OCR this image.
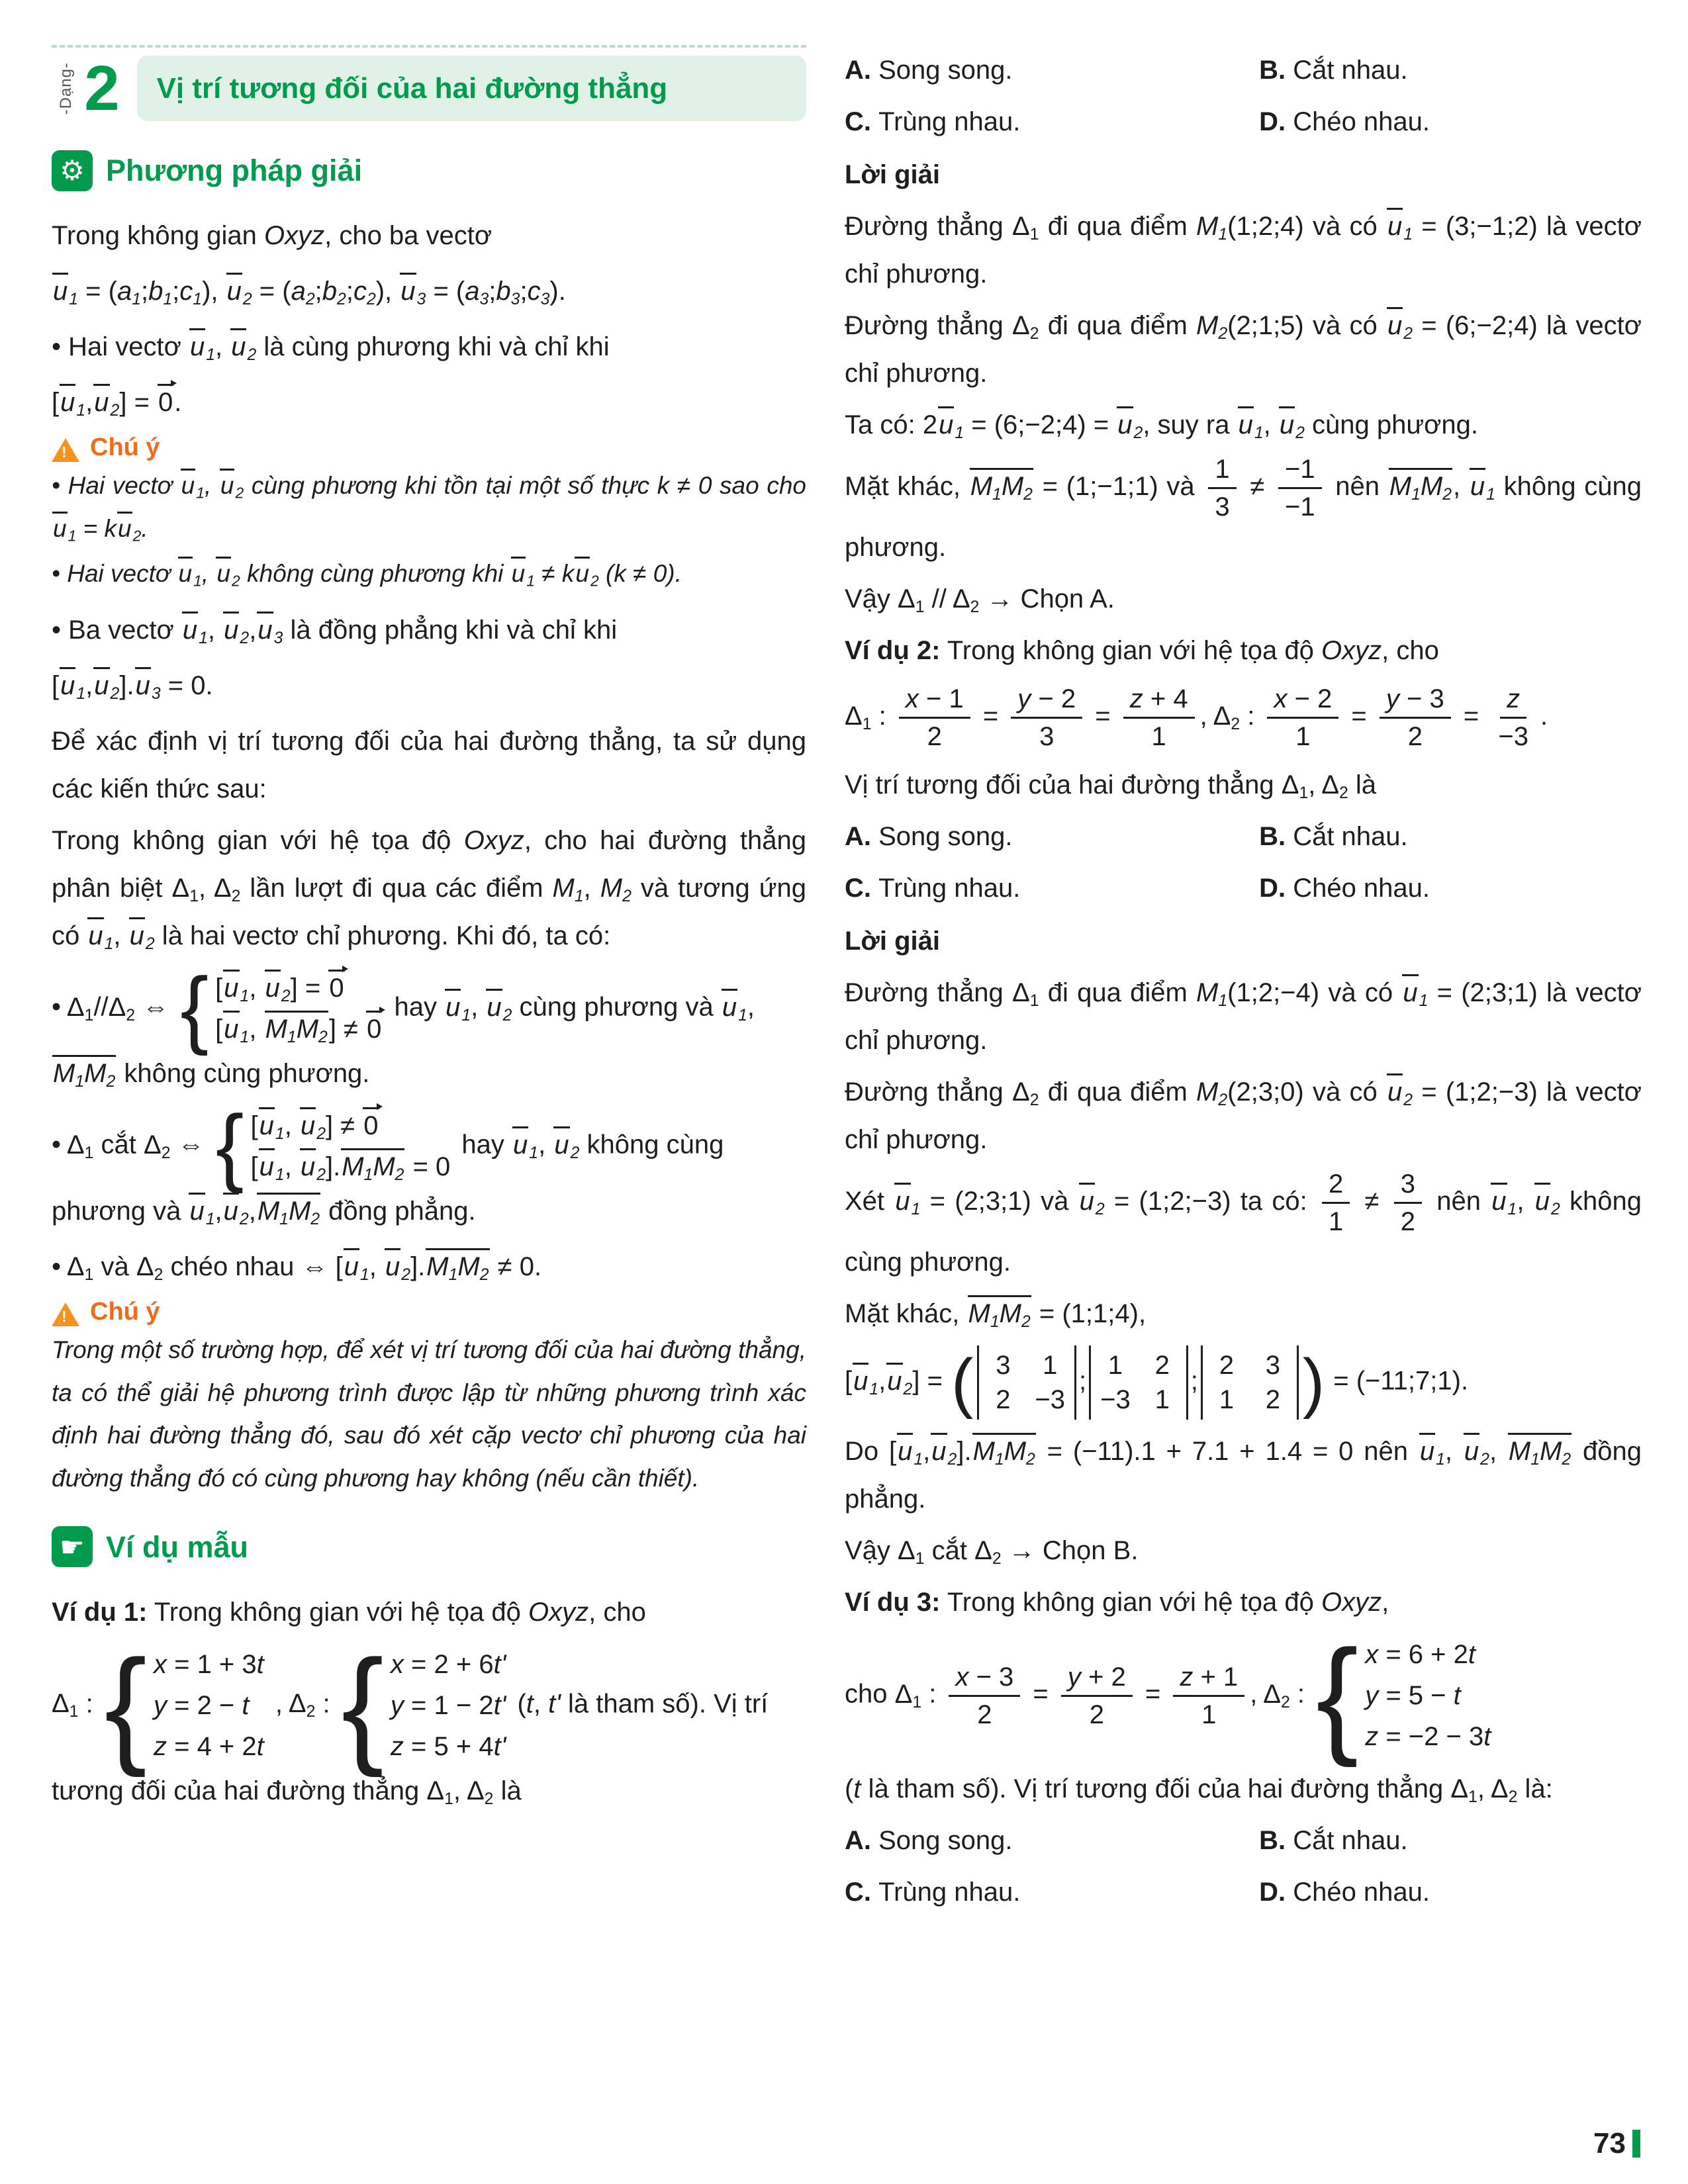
-Dạng- 2	Vị trí tương đối của hai đường thẳng
⚙ Phương pháp giải
Trong không gian Oxyz, cho ba vectơ
$u_1$ = $(a_1;b_1;c_1)$, $u_2$ = $(a_2;b_2;c_2)$, $u_3$ = $(a_3;b_3;c_3)$.
• Hai vectơ $u_1$, $u_2$ là cùng phương khi và chỉ khi
$[u_1,u_2] = 0$.
! Chú ý
• Hai vectơ $u_1$, $u_2$ cùng phương khi tồn tại một số thực k ≠ 0 sao cho $u_1 = ku_2$.
• Hai vectơ $u_1$, $u_2$ không cùng phương khi $u_1 \ne ku_2$ (k ≠ 0).
• Ba vectơ $u_1$, $u_2,u_3$ là đồng phẳng khi và chỉ khi
$[u_1,u_2].u_3 = 0$.
Để xác định vị trí tương đối của hai đường thẳng, ta sử dụng các kiến thức sau:
Trong không gian với hệ tọa độ Oxyz, cho hai đường thẳng phân biệt $\Delta_1$, $\Delta_2$ lần lượt đi qua các điểm $M_1$, $M_2$ và tương ứng có $u_1$, $u_2$ là hai vectơ chỉ phương. Khi đó, ta có:
• $\Delta_1//\Delta_2$ ⇔ { [$u_1$, $u_2] = 0$
[$u_1$, $M_1M_2] \ne 0$
hay $u_1$, $u_2$ cùng phương và $u_1$, $M_1M_2$ không cùng phương.
• $\Delta_1$ cắt $\Delta_2$ ⇔ { [$u_1$, $u_2] \ne 0$
[$u_1$, $u_2].M_1M_2 = 0$
hay $u_1$, $u_2$ không cùng phương và $u_1,u_2,M_1M_2$ đồng phẳng.
• $\Delta_1$ và $\Delta_2$ chéo nhau ⇔ [$u_1$, $u_2].M_1M_2 \ne 0$.
! Chú ý
Trong một số trường hợp, để xét vị trí tương đối của hai đường thẳng, ta có thể giải hệ phương trình được lập từ những phương trình xác định hai đường thẳng đó, sau đó xét cặp vectơ chỉ phương của hai đường thẳng đó có cùng phương hay không (nếu cần thiết).
☛ Ví dụ mẫu
Ví dụ 1: Trong không gian với hệ tọa độ Oxyz, cho
$\Delta_1$ : { x = 1 + 3t
y = 2 − t
z = 4 + 2t
, $\Delta_2$ : { x = 2 + 6t'
y = 1 − 2t'
z = 5 + 4t'
(t, t' là tham số). Vị trí tương đối của hai đường thẳng $\Delta_1$, $\Delta_2$ là
A. Song song.	B. Cắt nhau.
C. Trùng nhau.	D. Chéo nhau.
Lời giải
Đường thẳng $\Delta_1$ đi qua điểm $M_1(1;2;4)$ và có $u_1$ = (3;−1;2) là vectơ chỉ phương.
Đường thẳng $\Delta_2$ đi qua điểm $M_2(2;1;5)$ và có $u_2$ = (6;−2;4) là vectơ chỉ phương.
Ta có: $2u_1$ = (6;−2;4) = $u_2$, suy ra $u_1$, $u_2$ cùng phương.
Mặt khác, $M_1M_2$ = (1;−1;1) và $\frac{1}{3} \ne \frac{-1}{-1}$ nên $M_1M_2$, $u_1$ không cùng phương.
Vậy $\Delta_1 // \Delta_2$ → Chọn A.
Ví dụ 2: Trong không gian với hệ tọa độ Oxyz, cho
$\Delta_1$ : $\frac{x - 1}{2} = \frac{y - 2}{3} = \frac{z + 4}{1}$ , $\Delta_2$ : $\frac{x - 2}{1} = \frac{y - 3}{2} = \frac{z}{-3}$ .
Vị trí tương đối của hai đường thẳng $\Delta_1$, $\Delta_2$ là
A. Song song.	B. Cắt nhau.
C. Trùng nhau.	D. Chéo nhau.
Lời giải
Đường thẳng $\Delta_1$ đi qua điểm $M_1(1;2;-4)$ và có $u_1$ = (2;3;1) là vectơ chỉ phương.
Đường thẳng $\Delta_2$ đi qua điểm $M_2(2;3;0)$ và có $u_2$ = (1;2;−3) là vectơ chỉ phương.
Xét $u_1$ = (2;3;1) và $u_2$ = (1;2;−3) ta có: $\frac{2}{1} \ne \frac{3}{2}$ nên $u_1$, $u_2$ không cùng phương.
Mặt khác, $M_1M_2$ = (1;1;4),
$[u_1,u_2]$ = ( 3 1
2 −3
;
1 2
−3 1
;
2 3
1 2 ) = (−11;7;1).
Do $[u_1,u_2].M_1M_2 = (-11).1 + 7.1 + 1.4 = 0$ nên $u_1$, $u_2$, $M_1M_2$ đồng phẳng.
Vậy $\Delta_1$ cắt $\Delta_2$ → Chọn B.
Ví dụ 3: Trong không gian với hệ tọa độ Oxyz,
cho $\Delta_1$ : $\frac{x - 3}{2} = \frac{y + 2}{2} = \frac{z + 1}{1}$ , $\Delta_2$ : { x = 6 + 2t
y = 5 − t
z = −2 − 3t
(t là tham số). Vị trí tương đối của hai đường thẳng $\Delta_1$, $\Delta_2$ là:
A. Song song.	B. Cắt nhau.
C. Trùng nhau.	D. Chéo nhau.
73
